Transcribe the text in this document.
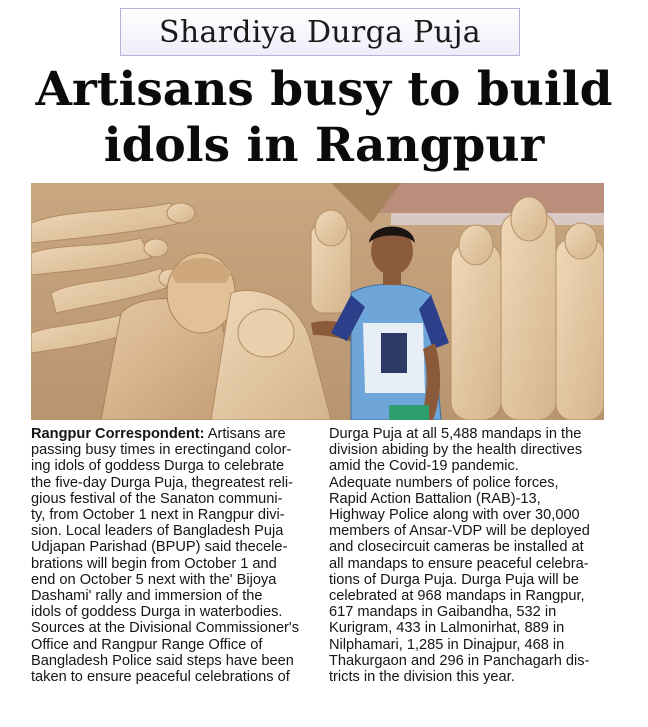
Shardiya Durga Puja
Artisans busy to build
idols in Rangpur
Rangpur Correspondent: Artisans are
passing busy times in erectingand color-
ing idols of goddess Durga to celebrate
the five-day Durga Puja, thegreatest reli-
gious festival of the Sanaton communi-
ty, from October 1 next in Rangpur divi-
sion. Local leaders of Bangladesh Puja
Udjapan Parishad (BPUP) said thecele-
brations will begin from October 1 and
end on October 5 next with the' Bijoya
Dashami' rally and immersion of the
idols of goddess Durga in waterbodies.
Sources at the Divisional Commissioner's
Office and Rangpur Range Office of
Bangladesh Police said steps have been
taken to ensure peaceful celebrations of
Durga Puja at all 5,488 mandaps in the
division abiding by the health directives
amid the Covid-19 pandemic.
Adequate numbers of police forces,
Rapid Action Battalion (RAB)-13,
Highway Police along with over 30,000
members of Ansar-VDP will be deployed
and closecircuit cameras be installed at
all mandaps to ensure peaceful celebra-
tions of Durga Puja. Durga Puja will be
celebrated at 968 mandaps in Rangpur,
617 mandaps in Gaibandha, 532 in
Kurigram, 433 in Lalmonirhat, 889 in
Nilphamari, 1,285 in Dinajpur, 468 in
Thakurgaon and 296 in Panchagarh dis-
tricts in the division this year.
